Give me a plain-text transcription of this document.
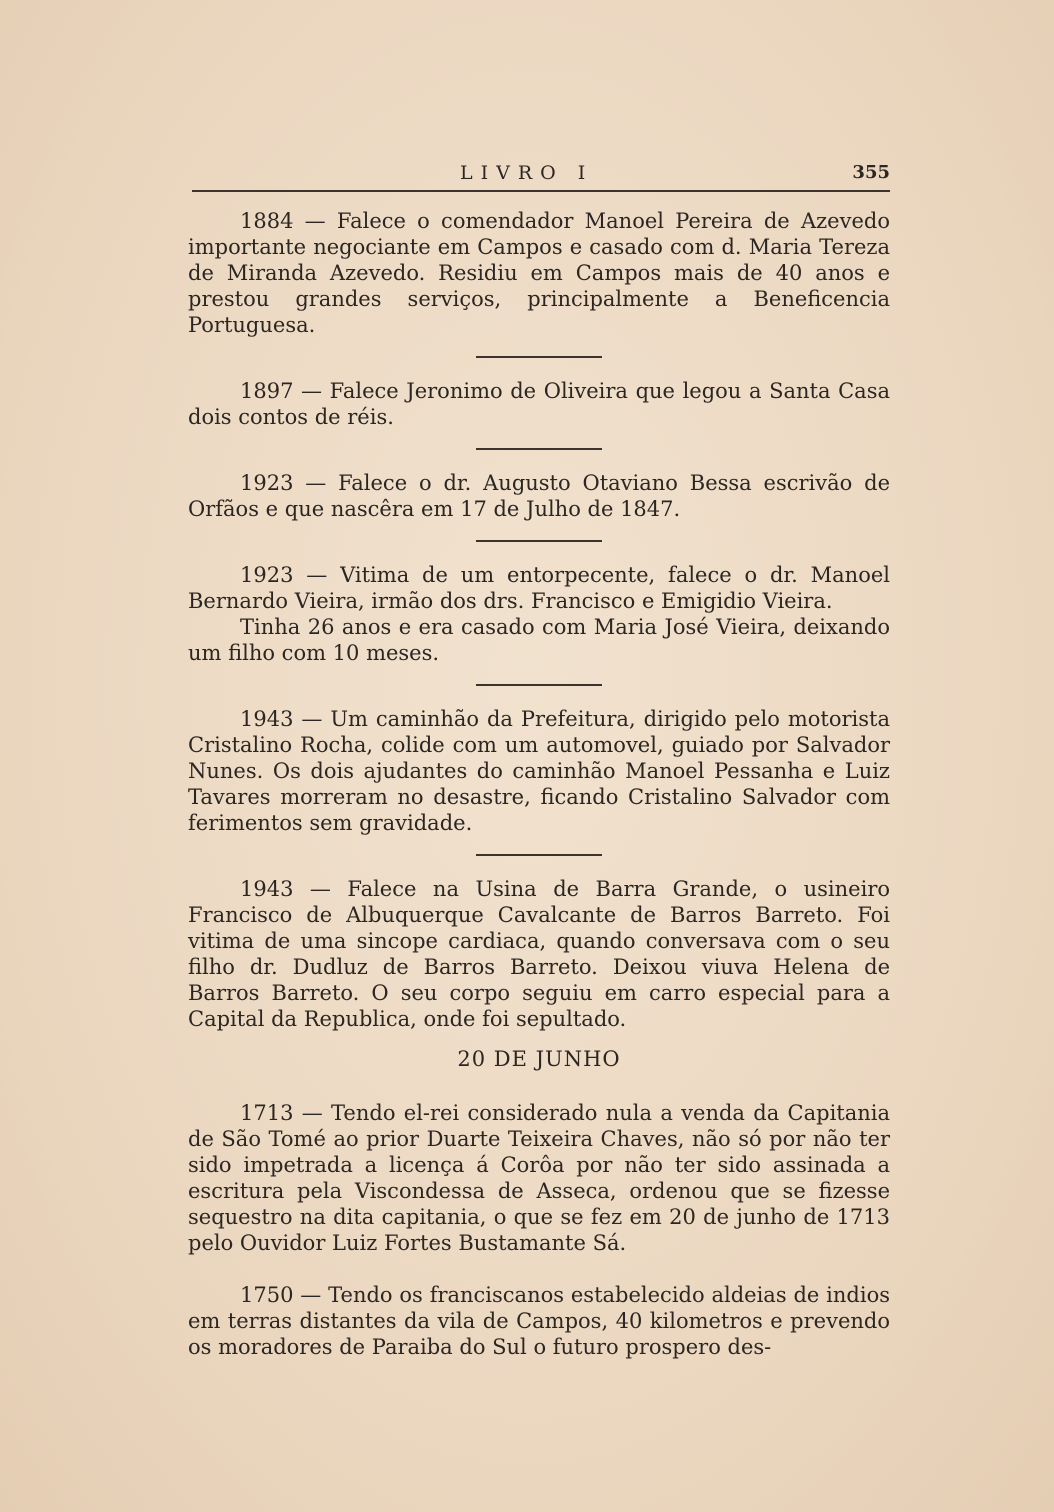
LIVRO I	355

1884 — Falece o comendador Manoel Pereira de Azevedo importante negociante em Campos e casado com d. Maria Tereza de Miranda Azevedo. Residiu em Campos mais de 40 anos e prestou grandes serviços, principalmente a Beneficencia Portuguesa.

1897 — Falece Jeronimo de Oliveira que legou a Santa Casa dois contos de réis.

1923 — Falece o dr. Augusto Otaviano Bessa escrivão de Orfãos e que nascêra em 17 de Julho de 1847.

1923 — Vitima de um entorpecente, falece o dr. Manoel Bernardo Vieira, irmão dos drs. Francisco e Emigidio Vieira.

Tinha 26 anos e era casado com Maria José Vieira, deixando um filho com 10 meses.

1943 — Um caminhão da Prefeitura, dirigido pelo motorista Cristalino Rocha, colide com um automovel, guiado por Salvador Nunes. Os dois ajudantes do caminhão Manoel Pessanha e Luiz Tavares morreram no desastre, ficando Cristalino Salvador com ferimentos sem gravidade.

1943 — Falece na Usina de Barra Grande, o usineiro Francisco de Albuquerque Cavalcante de Barros Barreto. Foi vitima de uma sincope cardiaca, quando conversava com o seu filho dr. Dudluz de Barros Barreto. Deixou viuva Helena de Barros Barreto. O seu corpo seguiu em carro especial para a Capital da Republica, onde foi sepultado.

20 DE JUNHO

1713 — Tendo el-rei considerado nula a venda da Capitania de São Tomé ao prior Duarte Teixeira Chaves, não só por não ter sido impetrada a licença á Corôa por não ter sido assinada a escritura pela Viscondessa de Asseca, ordenou que se fizesse sequestro na dita capitania, o que se fez em 20 de junho de 1713 pelo Ouvidor Luiz Fortes Bustamante Sá.

1750 — Tendo os franciscanos estabelecido aldeias de indios em terras distantes da vila de Campos, 40 kilometros e prevendo os moradores de Paraiba do Sul o futuro prospero des-
